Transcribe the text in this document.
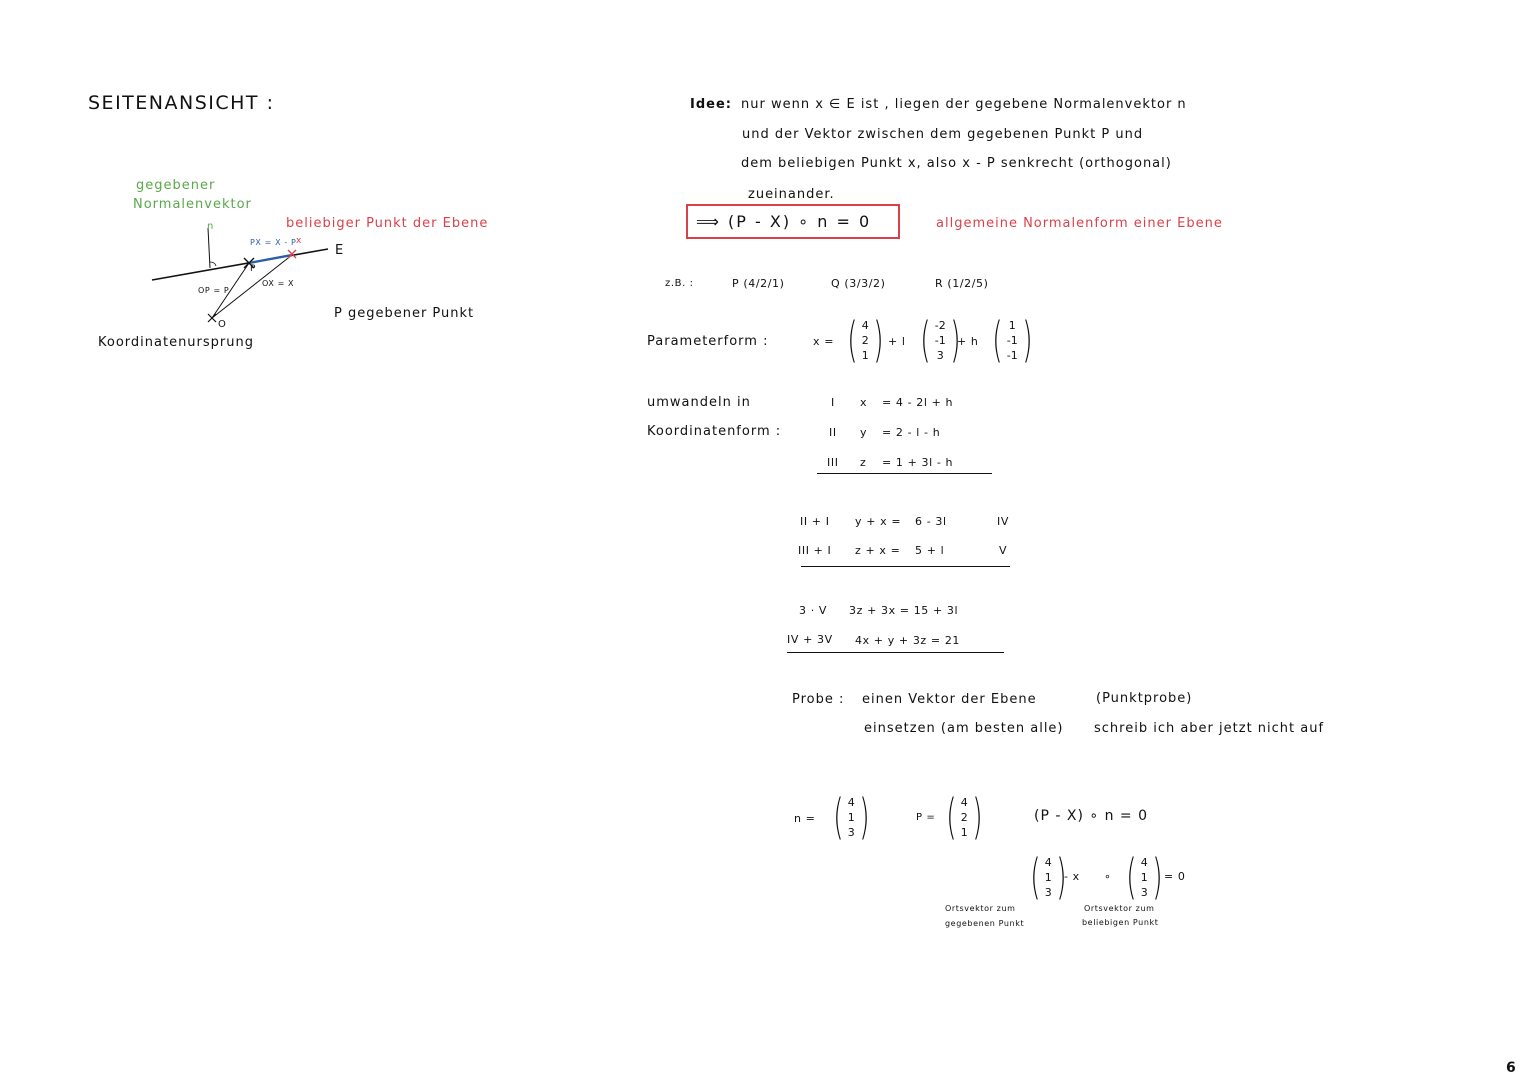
SEITENANSICHT :
gegebener
Normalenvektor
n	beliebiger Punkt der Ebene
E
PX = X - P x
P
OP = P
OX = X
O
Koordinatenursprung
P gegebener Punkt
Idee: nur wenn x ∈ E ist , liegen der gegebene Normalenvektor n
und der Vektor zwischen dem gegebenen Punkt P und
dem beliebigen Punkt x, also x - P senkrecht (orthogonal)
zueinander.
⟹ (P - X) ∘ n = 0	allgemeine Normalenform einer Ebene
z.B. :	P (4/2/1)	Q (3/3/2)	R (1/2/5)
Parameterform :	x = ( 4
2
1 ) + l ( -2
-1
3 )
+ h ( 1
-1
-1 )
umwandeln in
Koordinatenform :
I x = 4 - 2l + h
II y = 2 - l - h
III z = 1 + 3l - h
II + I y + x = 6 - 3l	IV
III + I z + x = 5 + l	V
3 · V 3z + 3x = 15 + 3l
IV + 3V 4x + y + 3z = 21
Probe : einen Vektor der Ebene
einsetzen (am besten alle)
(Punktprobe)
schreib ich aber jetzt nicht auf
n = ( 4
1
3 )	P = ( 4
2
1 )	(P - X) ∘ n = 0
( 4
1
3 )
- x ∘ ( 4
1
3 ) = 0
Ortsvektor zum
gegebenen Punkt
Ortsvektor zum
beliebigen Punkt
6
